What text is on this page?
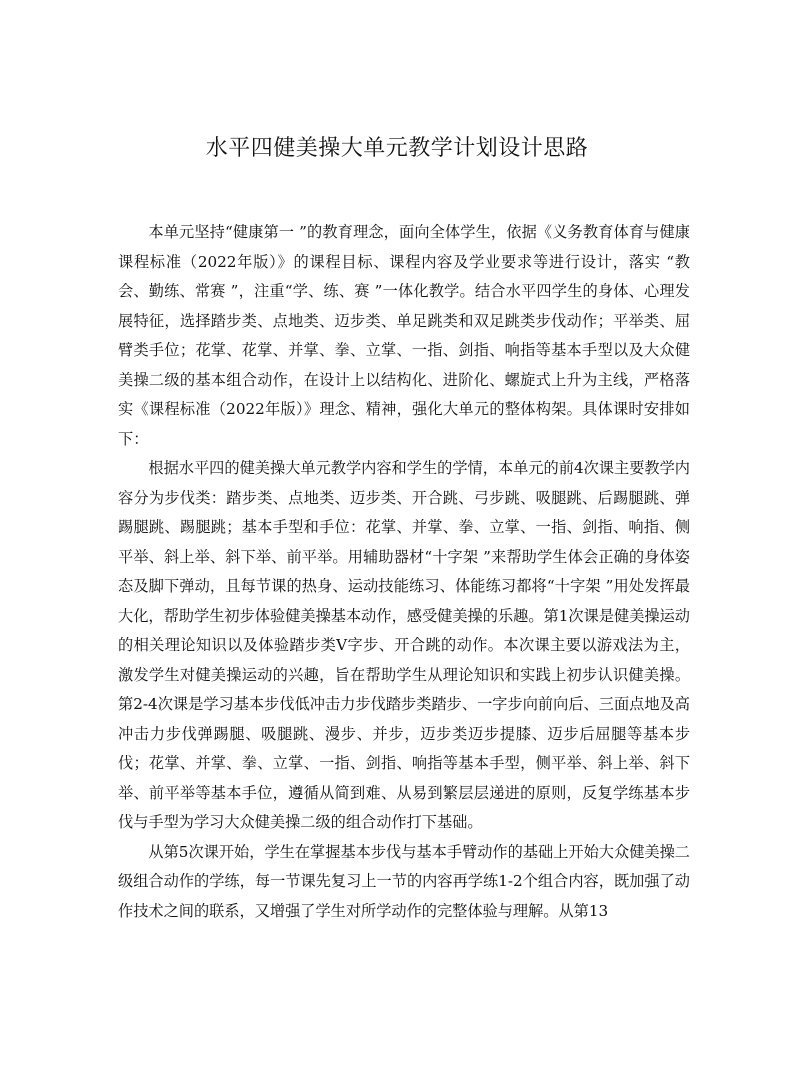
水平四健美操大单元教学计划设计思路

本单元坚持“健康第一 ”的教育理念，面向全体学生，依据《义务教育体育与健康课程标准（2022年版）》的课程目标、课程内容及学业要求等进行设计，落实 “教会、勤练、常赛 ”，注重“学、练、赛 ”一体化教学。结合水平四学生的身体、心理发展特征，选择踏步类、点地类、迈步类、单足跳类和双足跳类步伐动作；平举类、屈臂类手位；花掌、花掌、并掌、拳、立掌、一指、剑指、响指等基本手型以及大众健美操二级的基本组合动作，在设计上以结构化、进阶化、螺旋式上升为主线，严格落实《课程标准（2022年版）》理念、精神，强化大单元的整体构架。具体课时安排如下：

根据水平四的健美操大单元教学内容和学生的学情，本单元的前4次课主要教学内容分为步伐类：踏步类、点地类、迈步类、开合跳、弓步跳、吸腿跳、后踢腿跳、弹踢腿跳、踢腿跳；基本手型和手位：花掌、并掌、拳、立掌、一指、剑指、响指、侧平举、斜上举、斜下举、前平举。用辅助器材“十字架 ”来帮助学生体会正确的身体姿态及脚下弹动，且每节课的热身、运动技能练习、体能练习都将“十字架 ”用处发挥最大化，帮助学生初步体验健美操基本动作，感受健美操的乐趣。第1次课是健美操运动的相关理论知识以及体验踏步类V字步、开合跳的动作。本次课主要以游戏法为主，激发学生对健美操运动的兴趣，旨在帮助学生从理论知识和实践上初步认识健美操。第2-4次课是学习基本步伐低冲击力步伐踏步类踏步、一字步向前向后、三面点地及高冲击力步伐弹踢腿、吸腿跳、漫步、并步，迈步类迈步提膝、迈步后屈腿等基本步伐；花掌、并掌、拳、立掌、一指、剑指、响指等基本手型，侧平举、斜上举、斜下举、前平举等基本手位，遵循从简到难、从易到繁层层递进的原则，反复学练基本步伐与手型为学习大众健美操二级的组合动作打下基础。

从第5次课开始，学生在掌握基本步伐与基本手臂动作的基础上开始大众健美操二级组合动作的学练，每一节课先复习上一节的内容再学练1-2个组合内容，既加强了动作技术之间的联系，又增强了学生对所学动作的完整体验与理解。从第13
